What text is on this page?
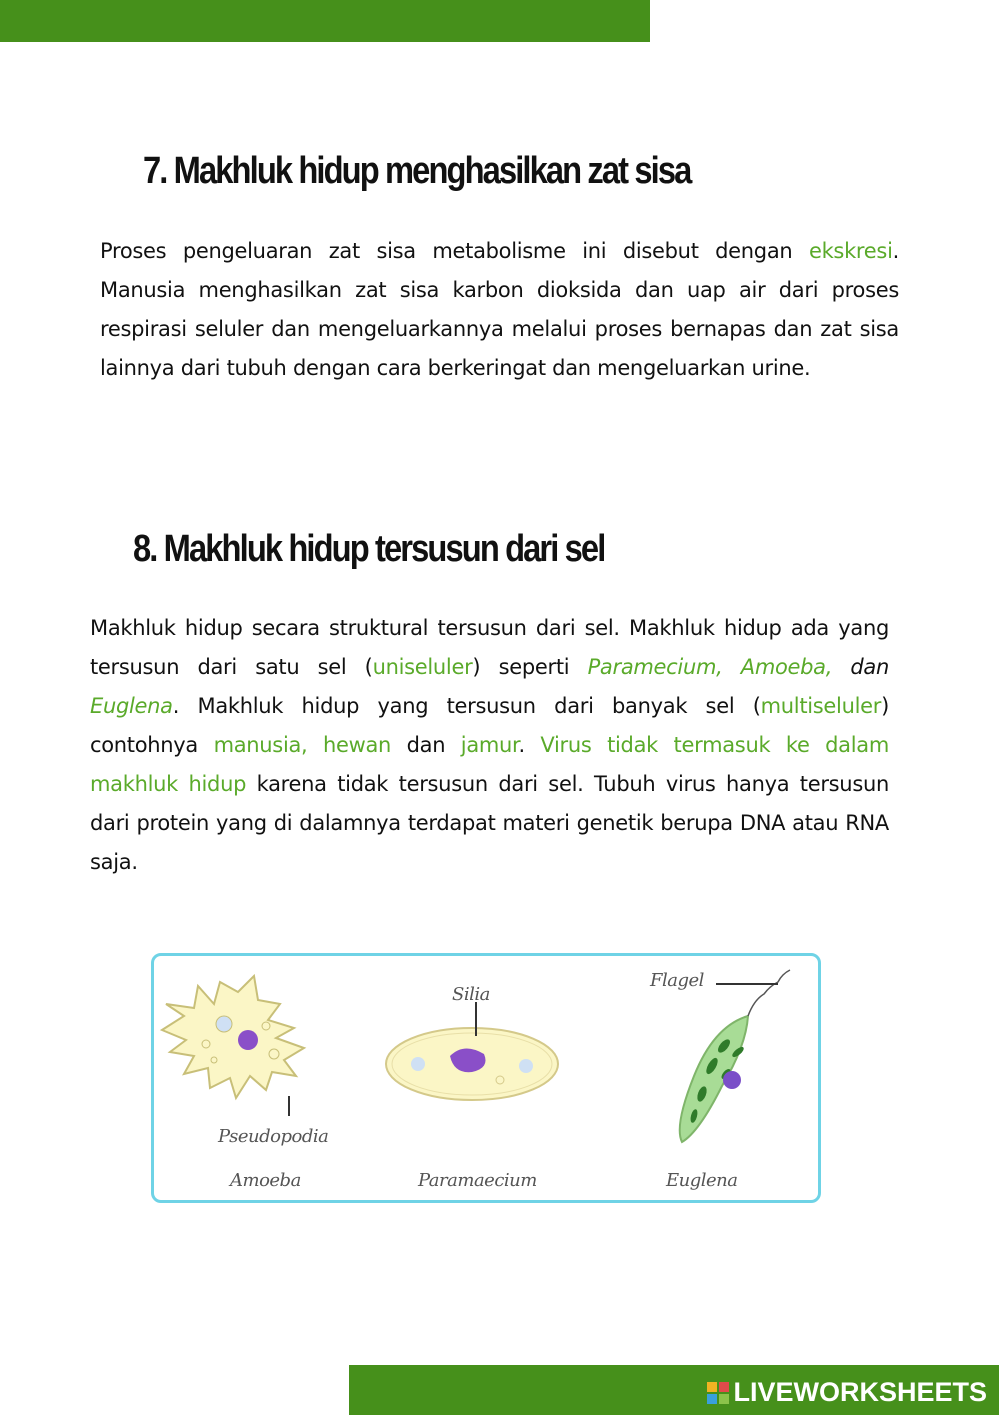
7. Makhluk hidup menghasilkan zat sisa

Proses pengeluaran zat sisa metabolisme ini disebut dengan ekskresi. Manusia menghasilkan zat sisa karbon dioksida dan uap air dari proses respirasi seluler dan mengeluarkannya melalui proses bernapas dan zat sisa lainnya dari tubuh dengan cara berkeringat dan mengeluarkan urine.

8. Makhluk hidup tersusun dari sel

Makhluk hidup secara struktural tersusun dari sel. Makhluk hidup ada yang tersusun dari satu sel (uniseluler) seperti Paramecium, Amoeba, dan Euglena. Makhluk hidup yang tersusun dari banyak sel (multiseluler) contohnya manusia, hewan dan jamur. Virus tidak termasuk ke dalam makhluk hidup karena tidak tersusun dari sel. Tubuh virus hanya tersusun dari protein yang di dalamnya terdapat materi genetik berupa DNA atau RNA saja.

Silia
Flagel
Pseudopodia
Amoeba	Paramaecium	Euglena
LIVEWORKSHEETS
